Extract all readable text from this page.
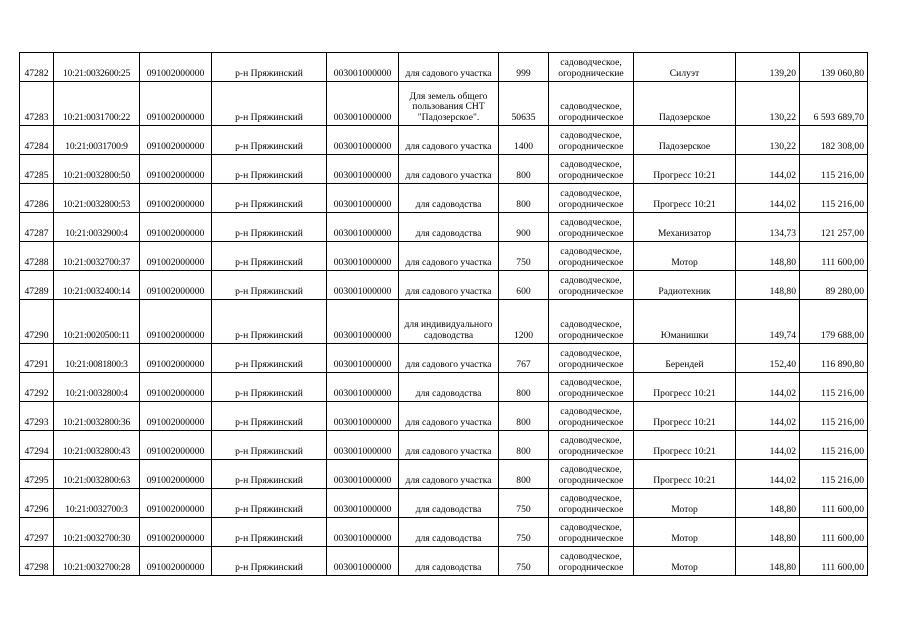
47282	10:21:0032600:25	091002000000	р-н Пряжинский	003001000000	для садового участка	999	садоводческое, огороднические	Силуэт	139,20	139 060,80
47283	10:21:0031700:22	091002000000	р-н Пряжинский	003001000000	Для земель общего пользования СНТ "Падозерское".	50635	садоводческое, огородническое	Падозерское	130,22	6 593 689,70
47284	10:21:0031700:9	091002000000	р-н Пряжинский	003001000000	для садового участка	1400	садоводческое, огородническое	Падозерское	130,22	182 308,00
47285	10:21:0032800:50	091002000000	р-н Пряжинский	003001000000	для садового участка	800	садоводческое, огородническое	Прогресс 10:21	144,02	115 216,00
47286	10:21:0032800:53	091002000000	р-н Пряжинский	003001000000	для садоводства	800	садоводческое, огородническое	Прогресс 10:21	144,02	115 216,00
47287	10:21:0032900:4	091002000000	р-н Пряжинский	003001000000	для садоводства	900	садоводческое, огородническое	Механизатор	134,73	121 257,00
47288	10:21:0032700:37	091002000000	р-н Пряжинский	003001000000	для садового участка	750	садоводческое, огородническое	Мотор	148,80	111 600,00
47289	10:21:0032400:14	091002000000	р-н Пряжинский	003001000000	для садового участка	600	садоводческое, огородническое	Радиотехник	148,80	89 280,00
47290	10:21:0020500:11	091002000000	р-н Пряжинский	003001000000	для индивидуального садоводства	1200	садоводческое, огородническое	Юманишки	149,74	179 688,00
47291	10:21:0081800:3	091002000000	р-н Пряжинский	003001000000	для садового участка	767	садоводческое, огородническое	Берендей	152,40	116 890,80
47292	10:21:0032800:4	091002000000	р-н Пряжинский	003001000000	для садоводства	800	садоводческое, огородническое	Прогресс 10:21	144,02	115 216,00
47293	10:21:0032800:36	091002000000	р-н Пряжинский	003001000000	для садового участка	800	садоводческое, огородническое	Прогресс 10:21	144,02	115 216,00
47294	10:21:0032800:43	091002000000	р-н Пряжинский	003001000000	для садового участка	800	садоводческое, огородническое	Прогресс 10:21	144,02	115 216,00
47295	10:21:0032800:63	091002000000	р-н Пряжинский	003001000000	для садового участка	800	садоводческое, огородническое	Прогресс 10:21	144,02	115 216,00
47296	10:21:0032700:3	091002000000	р-н Пряжинский	003001000000	для садоводства	750	садоводческое, огородническое	Мотор	148,80	111 600,00
47297	10:21:0032700:30	091002000000	р-н Пряжинский	003001000000	для садоводства	750	садоводческое, огородническое	Мотор	148,80	111 600,00
47298	10:21:0032700:28	091002000000	р-н Пряжинский	003001000000	для садоводства	750	садоводческое, огородническое	Мотор	148,80	111 600,00
